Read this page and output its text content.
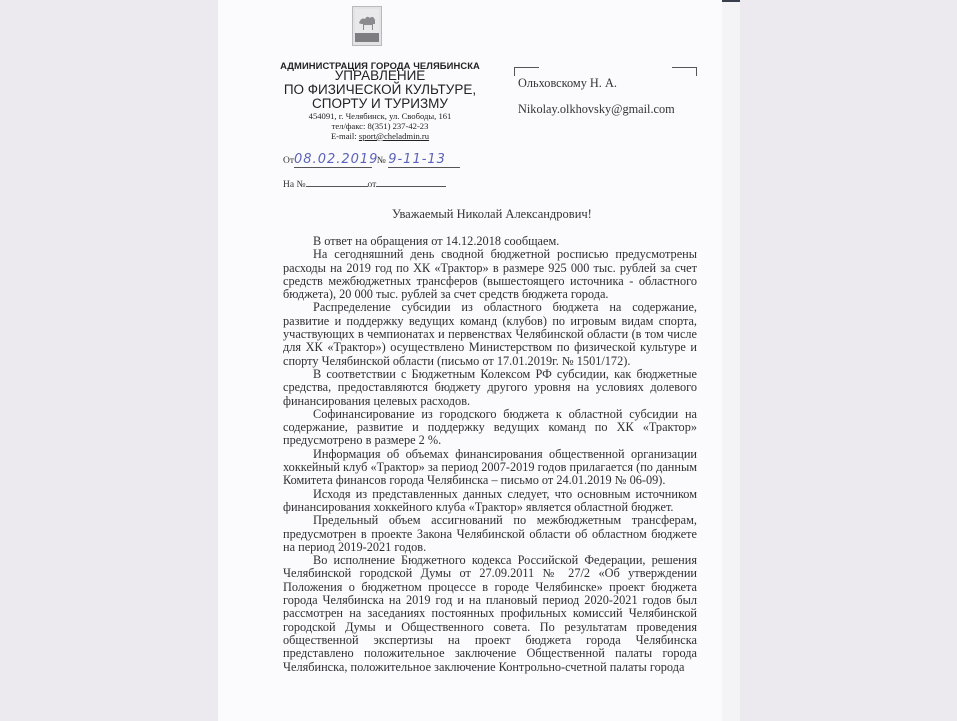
АДМИНИСТРАЦИЯ ГОРОДА ЧЕЛЯБИНСКА
УПРАВЛЕНИЕ
ПО ФИЗИЧЕСКОЙ КУЛЬТУРЕ,
СПОРТУ И ТУРИЗМУ
454091, г. Челябинск, ул. Свободы, 161
тел/факс: 8(351) 237-42-23
E-mail: sport@cheladmin.ru
Ольховскому Н. А.
Nikolay.olkhovsky@gmail.com
От08.02.2019  № 9-11-13
На №	от
Уважаемый Николай Александрович!

В ответ на обращения от 14.12.2018 сообщаем.

На сегодняшний день сводной бюджетной росписью предусмотрены расходы на 2019 год по ХК «Трактор» в размере 925 000 тыс. рублей за счет средств межбюджетных трансферов (вышестоящего источника - областного бюджета), 20 000 тыс. рублей за счет средств бюджета города.

Распределение субсидии из областного бюджета на содержание, развитие и поддержку ведущих команд (клубов) по игровым видам спорта, участвующих в чемпионатах и первенствах Челябинской области (в том числе для ХК «Трактор») осуществлено Министерством по физической культуре и спорту Челябинской области (письмо от 17.01.2019г. № 1501/172).

В соответствии с Бюджетным Колексом РФ субсидии, как бюджетные средства, предоставляются бюджету другого уровня на условиях долевого финансирования целевых расходов.

Софинансирование из городского бюджета к областной субсидии на содержание, развитие и поддержку ведущих команд по ХК «Трактор» предусмотрено в размере 2 %.

Информация об объемах финансирования общественной организации хоккейный клуб «Трактор» за период 2007-2019 годов прилагается (по данным Комитета финансов города Челябинска – письмо от 24.01.2019 № 06-09).

Исходя из представленных данных следует, что основным источником финансирования хоккейного клуба «Трактор» является областной бюджет.

Предельный объем ассигнований по межбюджетным трансферам, предусмотрен в проекте Закона Челябинской области об областном бюджете на период 2019-2021 годов.

Во исполнение Бюджетного кодекса Российской Федерации, решения Челябинской городской Думы от 27.09.2011 № 27/2 «Об утверждении Положения о бюджетном процессе в городе Челябинске» проект бюджета города Челябинска на 2019 год и на плановый период 2020-2021 годов был рассмотрен на заседаниях постоянных профильных комиссий Челябинской городской Думы и Общественного совета. По результатам проведения общественной экспертизы на проект бюджета города Челябинска представлено положительное заключение Общественной палаты города Челябинска, положительное заключение Контрольно-счетной палаты города
